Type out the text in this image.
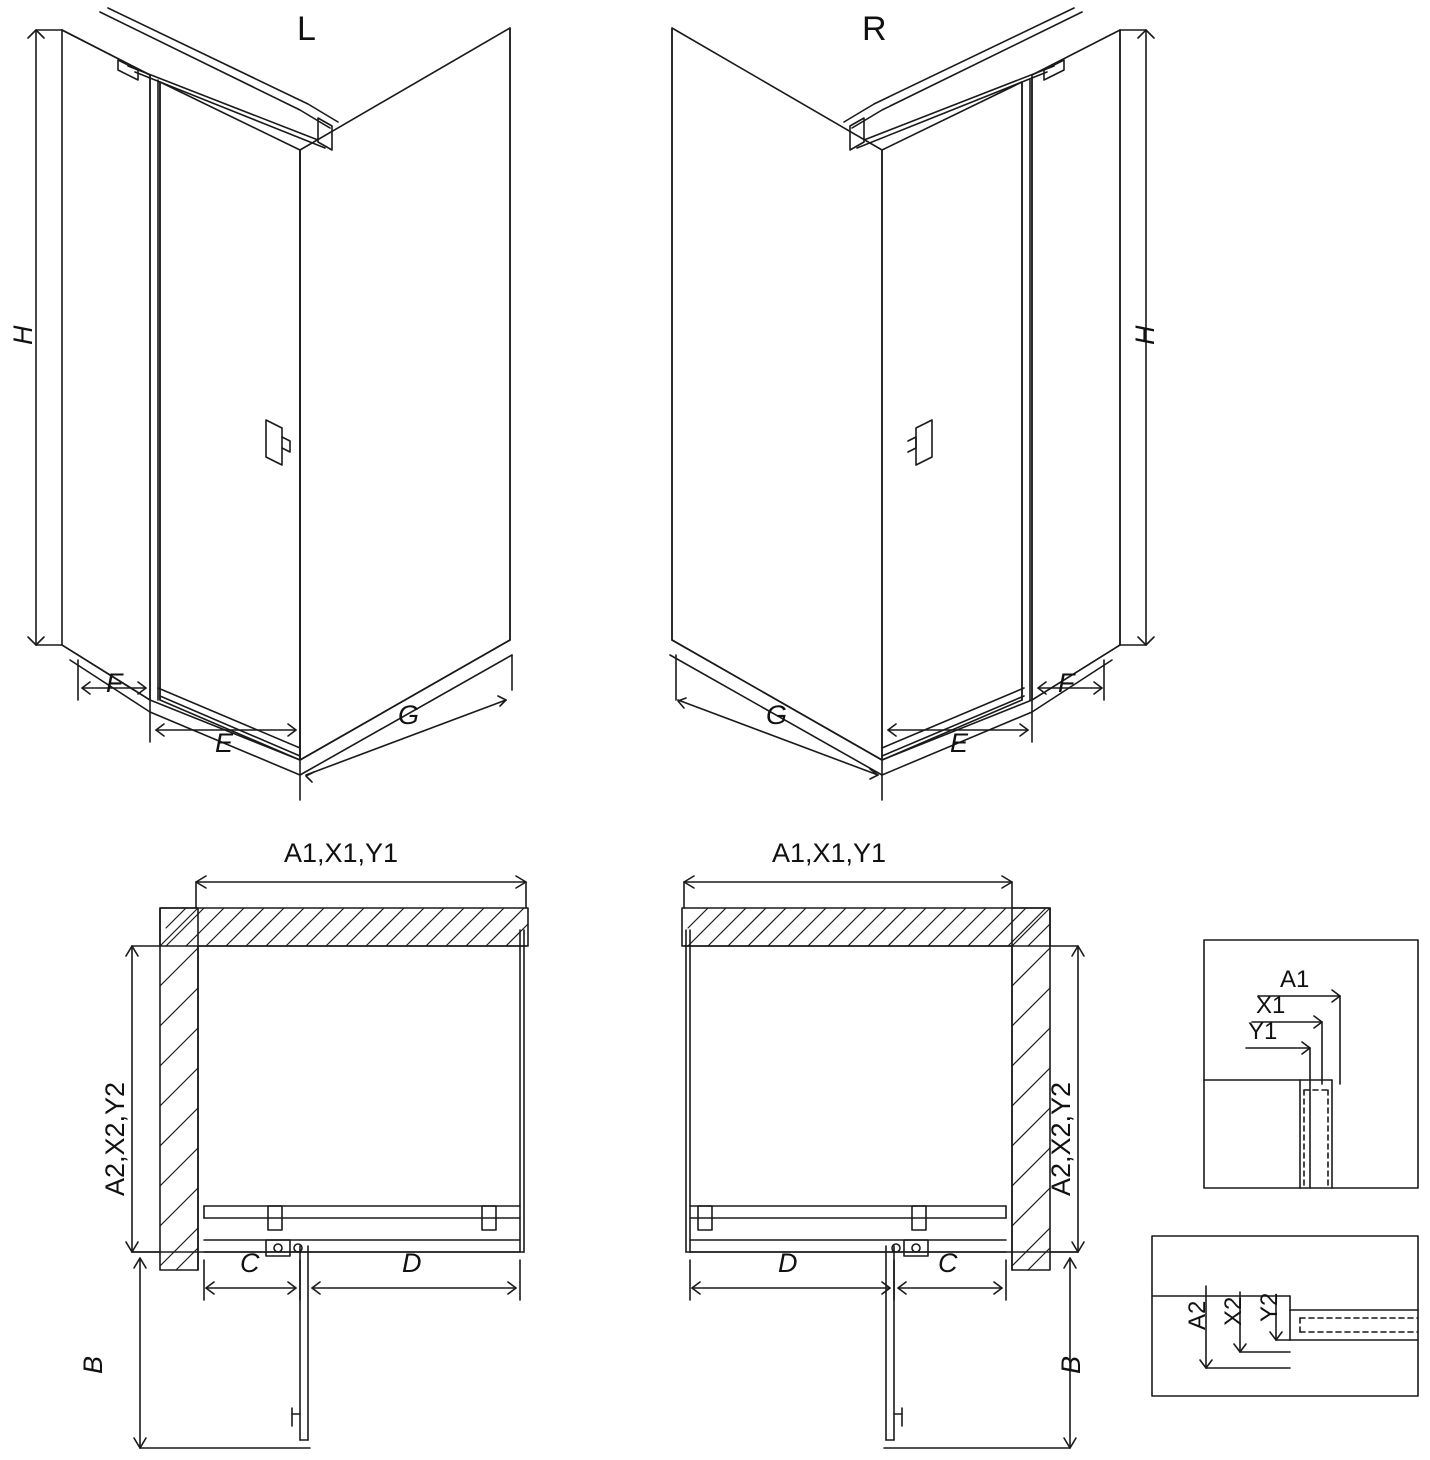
L	R
H
F
E
G
H
G
E
F
A1,X1,Y1
A2,X2,Y2
C	D
B
A1,X1,Y1
A2,X2,Y2
D	C
B
A1
X1
Y1
A2 X2 Y2
